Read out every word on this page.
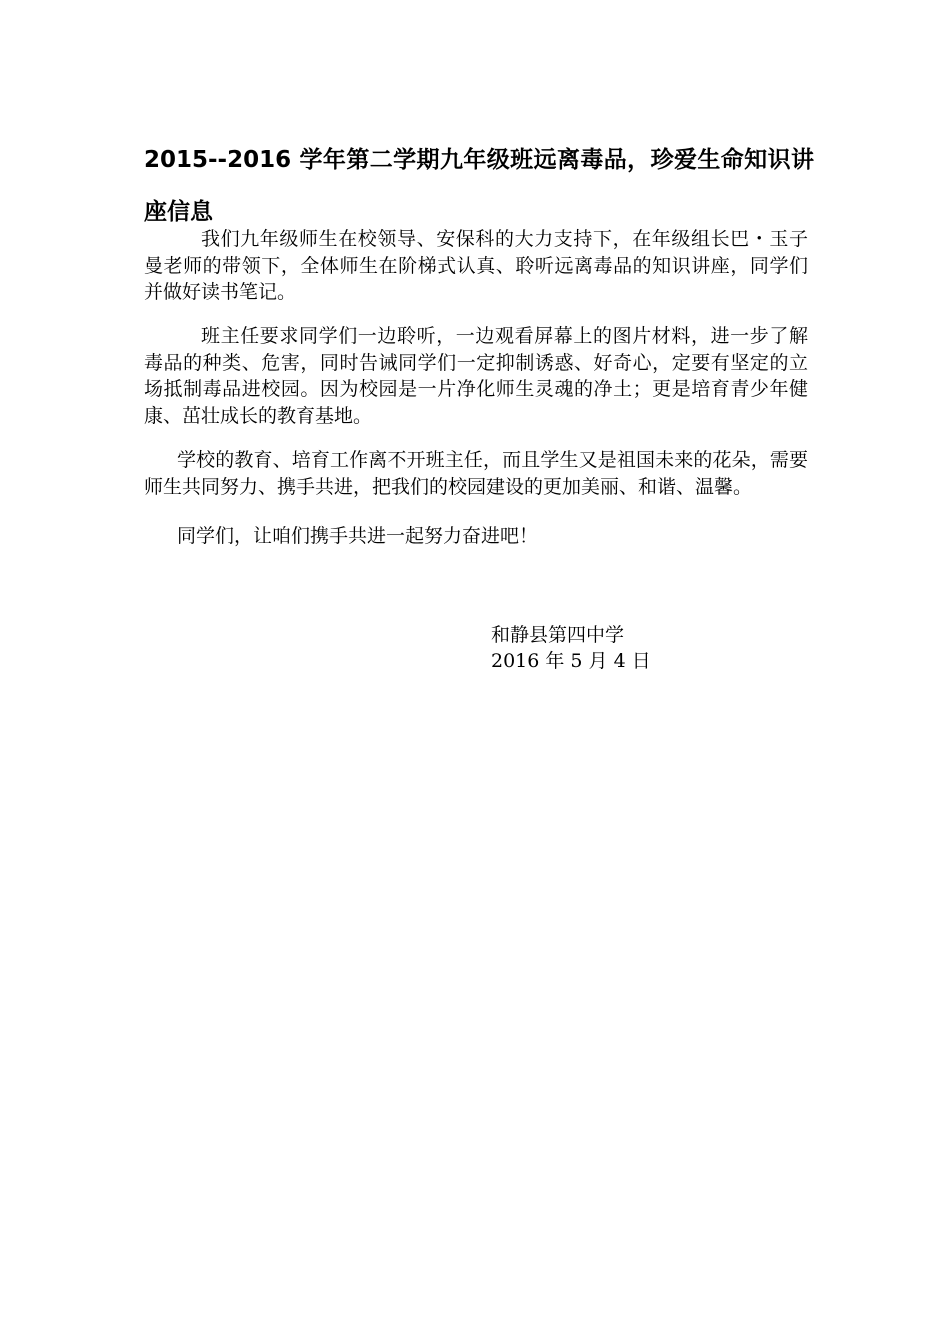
2015--2016 学年第二学期九年级班远离毒品，珍爱生命知识讲座信息

我们九年级师生在校领导、安保科的大力支持下，在年级组长巴・玉子曼老师的带领下，全体师生在阶梯式认真、聆听远离毒品的知识讲座，同学们并做好读书笔记。

班主任要求同学们一边聆听，一边观看屏幕上的图片材料，进一步了解毒品的种类、危害，同时告诫同学们一定抑制诱惑、好奇心，定要有坚定的立场抵制毒品进校园。因为校园是一片净化师生灵魂的净土；更是培育青少年健康、茁壮成长的教育基地。

学校的教育、培育工作离不开班主任，而且学生又是祖国未来的花朵，需要师生共同努力、携手共进，把我们的校园建设的更加美丽、和谐、温馨。

同学们，让咱们携手共进一起努力奋进吧！

和静县第四中学
2016 年 5 月 4 日
